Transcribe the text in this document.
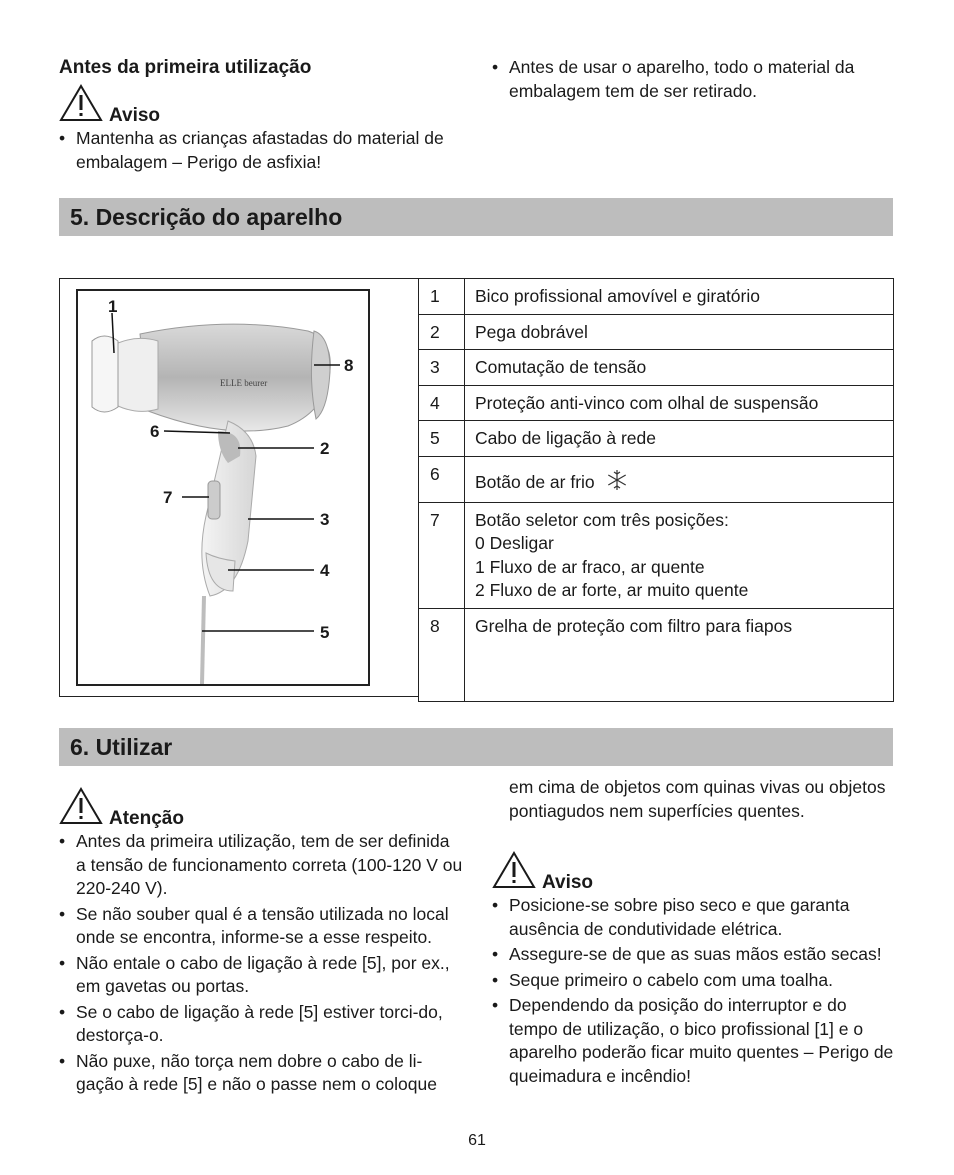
Antes da primeira utilização
Aviso
• Mantenha as crianças afastadas do material de embalagem – Perigo de asfixia!
• Antes de usar o aparelho, todo o material da embalagem tem de ser retirado.
5. Descrição do aparelho
ELLE beurer
1
2
3
4
5
6
7
8
1	Bico profissional amovível e giratório
2	Pega dobrável
3	Comutação de tensão
4	Proteção anti-vinco com olhal de suspensão
5	Cabo de ligação à rede
6	Botão de ar frio
7	Botão seletor com três posições:
0 Desligar
1 Fluxo de ar fraco, ar quente
2 Fluxo de ar forte, ar muito quente

8	Grelha de proteção com filtro para fiapos
6. Utilizar
Atenção
• Antes da primeira utilização, tem de ser definida a tensão de funcionamento correta (100-120 V ou 220-240 V).
• Se não souber qual é a tensão utilizada no local onde se encontra, informe-se a esse respeito.
• Não entale o cabo de ligação à rede [5], por ex., em gavetas ou portas.
• Se o cabo de ligação à rede [5] estiver torci-do, destorça-o.
• Não puxe, não torça nem dobre o cabo de li-gação à rede [5] e não o passe nem o coloque
em cima de objetos com quinas vivas ou objetos pontiagudos nem superfícies quentes.
Aviso
• Posicione-se sobre piso seco e que garanta ausência de condutividade elétrica.
• Assegure-se de que as suas mãos estão secas!
• Seque primeiro o cabelo com uma toalha.
• Dependendo da posição do interruptor e do tempo de utilização, o bico profissional [1] e o aparelho poderão ficar muito quentes – Perigo de queimadura e incêndio!
61
